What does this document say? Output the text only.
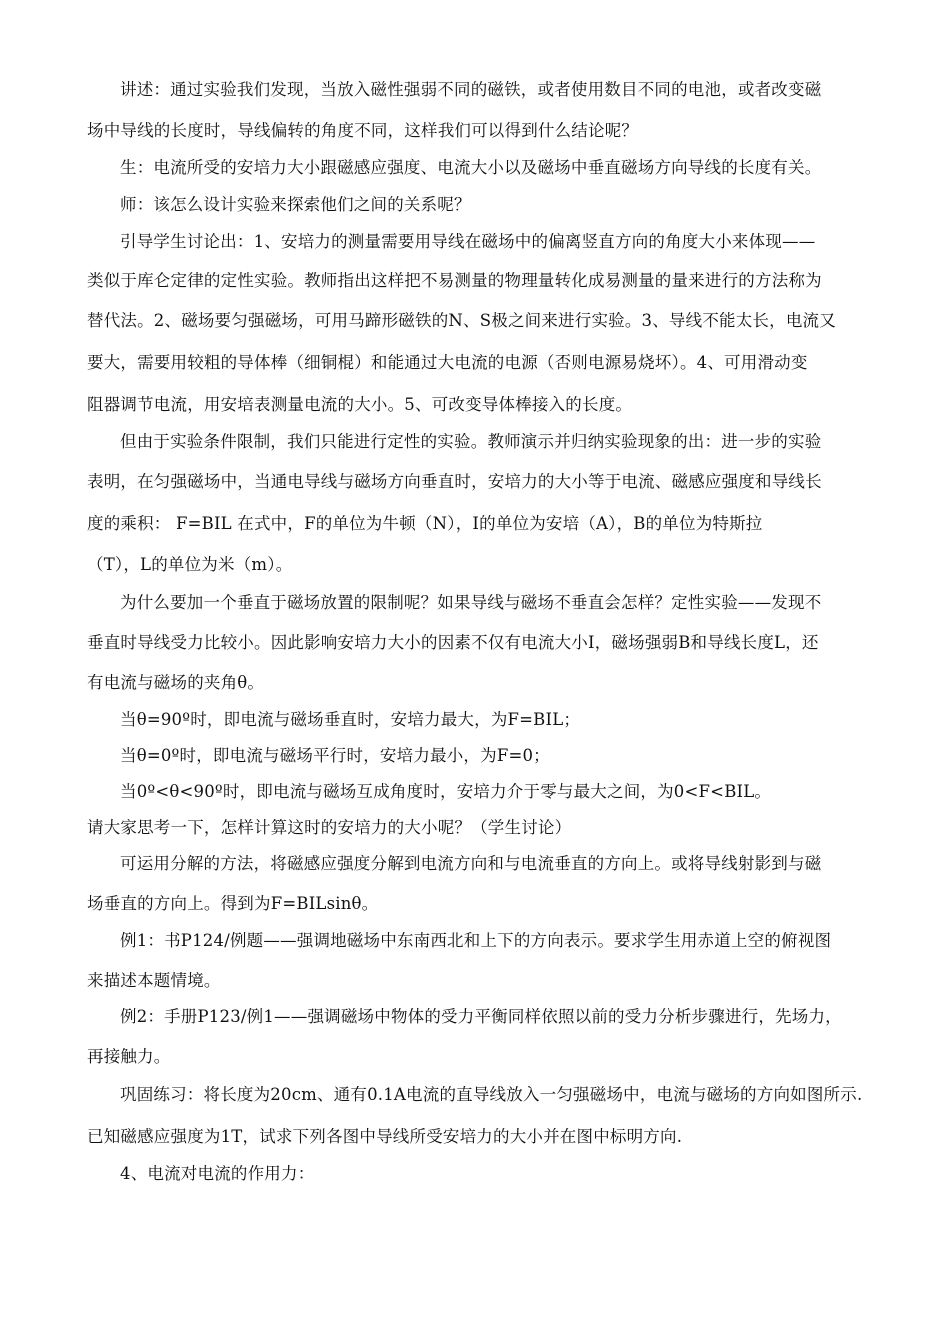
讲述：通过实验我们发现，当放入磁性强弱不同的磁铁，或者使用数目不同的电池，或者改变磁
场中导线的长度时，导线偏转的角度不同，这样我们可以得到什么结论呢？
生：电流所受的安培力大小跟磁感应强度、电流大小以及磁场中垂直磁场方向导线的长度有关。
师：该怎么设计实验来探索他们之间的关系呢？
引导学生讨论出：1、安培力的测量需要用导线在磁场中的偏离竖直方向的角度大小来体现——
类似于库仑定律的定性实验。教师指出这样把不易测量的物理量转化成易测量的量来进行的方法称为
替代法。2、磁场要匀强磁场，可用马蹄形磁铁的N、S极之间来进行实验。3、导线不能太长，电流又
要大，需要用较粗的导体棒（细铜棍）和能通过大电流的电源（否则电源易烧坏）。4、可用滑动变
阻器调节电流，用安培表测量电流的大小。5、可改变导体棒接入的长度。
但由于实验条件限制，我们只能进行定性的实验。教师演示并归纳实验现象的出：进一步的实验
表明，在匀强磁场中，当通电导线与磁场方向垂直时，安培力的大小等于电流、磁感应强度和导线长
度的乘积： F=BIL 在式中，F的单位为牛顿（N），I的单位为安培（A），B的单位为特斯拉
（T），L的单位为米（m）。
为什么要加一个垂直于磁场放置的限制呢？如果导线与磁场不垂直会怎样？定性实验——发现不
垂直时导线受力比较小。因此影响安培力大小的因素不仅有电流大小I，磁场强弱B和导线长度L，还
有电流与磁场的夹角θ。
当θ=90º时，即电流与磁场垂直时，安培力最大，为F=BIL；
当θ=0º时，即电流与磁场平行时，安培力最小，为F=0；
当0º<θ<90º时，即电流与磁场互成角度时，安培力介于零与最大之间，为0<F<BIL。
请大家思考一下，怎样计算这时的安培力的大小呢？（学生讨论）
可运用分解的方法，将磁感应强度分解到电流方向和与电流垂直的方向上。或将导线射影到与磁
场垂直的方向上。得到为F=BILsinθ。
例1：书P124/例题——强调地磁场中东南西北和上下的方向表示。要求学生用赤道上空的俯视图
来描述本题情境。
例2：手册P123/例1——强调磁场中物体的受力平衡同样依照以前的受力分析步骤进行，先场力，
再接触力。
巩固练习：将长度为20cm、通有0.1A电流的直导线放入一匀强磁场中，电流与磁场的方向如图所示.
已知磁感应强度为1T，试求下列各图中导线所受安培力的大小并在图中标明方向.
4、电流对电流的作用力：
